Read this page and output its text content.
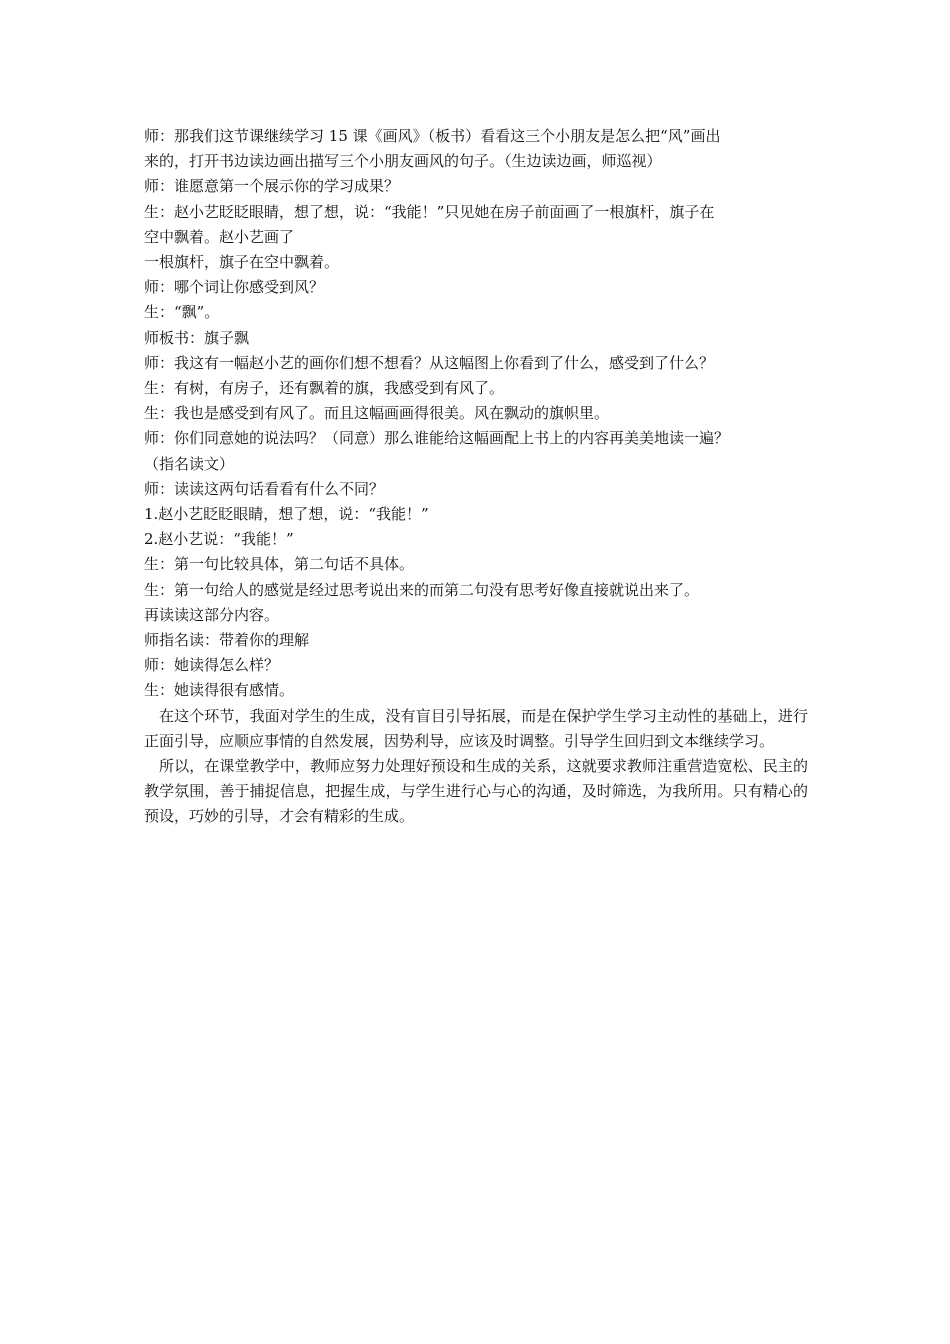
师：那我们这节课继续学习 15 课《画风》（板书）看看这三个小朋友是怎么把“风”画出
来的，打开书边读边画出描写三个小朋友画风的句子。（生边读边画，师巡视）
师：谁愿意第一个展示你的学习成果？
生：赵小艺眨眨眼睛，想了想，说：“我能！”只见她在房子前面画了一根旗杆，旗子在
空中飘着。赵小艺画了
一根旗杆，旗子在空中飘着。
师：哪个词让你感受到风？
生：“飘”。
师板书：旗子飘
师：我这有一幅赵小艺的画你们想不想看？从这幅图上你看到了什么，感受到了什么？
生：有树，有房子，还有飘着的旗，我感受到有风了。
生：我也是感受到有风了。而且这幅画画得很美。风在飘动的旗帜里。
师：你们同意她的说法吗？（同意）那么谁能给这幅画配上书上的内容再美美地读一遍？
（指名读文）
师：读读这两句话看看有什么不同？
1.赵小艺眨眨眼睛，想了想，说：“我能！”
2.赵小艺说：“我能！”
生：第一句比较具体，第二句话不具体。
生：第一句给人的感觉是经过思考说出来的而第二句没有思考好像直接就说出来了。
再读读这部分内容。
师指名读：带着你的理解
师：她读得怎么样？
生：她读得很有感情。
在这个环节，我面对学生的生成，没有盲目引导拓展，而是在保护学生学习主动性的基础上，进行正面引导，应顺应事情的自然发展，因势利导，应该及时调整。引导学生回归到文本继续学习。
所以，在课堂教学中，教师应努力处理好预设和生成的关系，这就要求教师注重营造宽松、民主的教学氛围，善于捕捉信息，把握生成，与学生进行心与心的沟通，及时筛选，为我所用。只有精心的预设，巧妙的引导，才会有精彩的生成。
